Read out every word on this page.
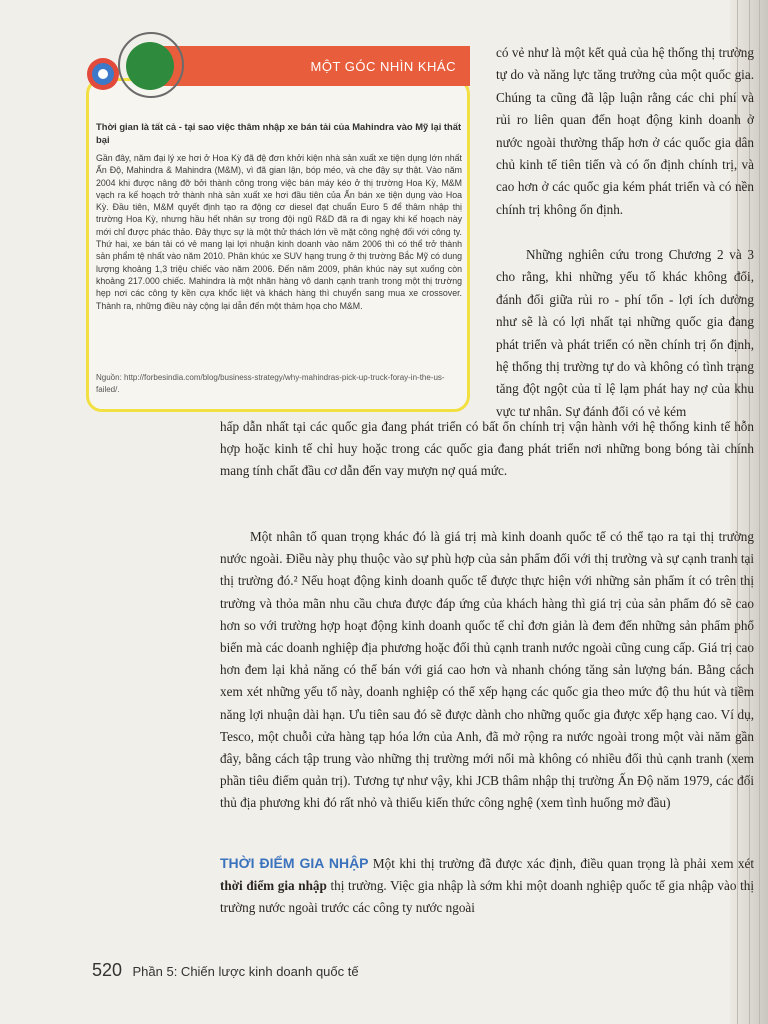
MỘT GÓC NHÌN KHÁC
Thời gian là tất cả - tại sao việc thâm nhập xe bán tải của Mahindra vào Mỹ lại thất bại
Gần đây, năm đại lý xe hơi ở Hoa Kỳ đã đệ đơn khởi kiện nhà sản xuất xe tiện dụng lớn nhất Ấn Độ, Mahindra & Mahindra (M&M), vì đã gian lận, bóp méo, và che đậy sự thật. Vào năm 2004 khi được nâng đỡ bởi thành công trong việc bán máy kéo ở thị trường Hoa Kỳ, M&M vạch ra kế hoạch trở thành nhà sản xuất xe hơi đầu tiên của Ấn bán xe tiện dụng vào Hoa Kỳ. Đầu tiên, M&M quyết định tạo ra động cơ diesel đạt chuẩn Euro 5 để thâm nhập thị trường Hoa Kỳ, nhưng hầu hết nhân sự trong đội ngũ R&D đã ra đi ngay khi kế hoạch này mới chỉ được phác thảo. Đây thực sự là một thử thách lớn về mặt công nghệ đối với công ty. Thứ hai, xe bán tải có vẻ mang lại lợi nhuận kinh doanh vào năm 2006 thì có thể trở thành sản phẩm tệ nhất vào năm 2010. Phân khúc xe SUV hạng trung ở thị trường Bắc Mỹ có dung lượng khoảng 1,3 triệu chiếc vào năm 2006. Đến năm 2009, phân khúc này sụt xuống còn khoảng 217.000 chiếc. Mahindra là một nhãn hàng vô danh cạnh tranh trong một thị trường hẹp nơi các công ty kền cựa khốc liệt và khách hàng thì chuyển sang mua xe crossover. Thành ra, những điều này cộng lại dẫn đến một thảm họa cho M&M.
Nguồn: http://forbesindia.com/blog/business-strategy/why-mahindras-pick-up-truck-foray-in-the-us-failed/.
có vẻ như là một kết quả của hệ thống thị trường tự do và năng lực tăng trưởng của một quốc gia. Chúng ta cũng đã lập luận rằng các chi phí và rủi ro liên quan đến hoạt động kinh doanh ở nước ngoài thường thấp hơn ở các quốc gia dân chủ kinh tế tiên tiến và có ổn định chính trị, và cao hơn ở các quốc gia kém phát triển và có nền chính trị không ổn định.
Những nghiên cứu trong Chương 2 và 3 cho rằng, khi những yếu tố khác không đổi, đánh đổi giữa rủi ro - phí tổn - lợi ích dường như sẽ là có lợi nhất tại những quốc gia đang phát triển và phát triển có nền chính trị ổn định, hệ thống thị trường tự do và không có tình trạng tăng đột ngột của tỉ lệ lạm phát hay nợ của khu vực tư nhân. Sự đánh đổi có vẻ kém
hấp dẫn nhất tại các quốc gia đang phát triển có bất ổn chính trị vận hành với hệ thống kinh tế hỗn hợp hoặc kinh tế chỉ huy hoặc trong các quốc gia đang phát triển nơi những bong bóng tài chính mang tính chất đầu cơ dẫn đến vay mượn nợ quá mức.
Một nhân tố quan trọng khác đó là giá trị mà kinh doanh quốc tế có thể tạo ra tại thị trường nước ngoài. Điều này phụ thuộc vào sự phù hợp của sản phẩm đối với thị trường và sự cạnh tranh tại thị trường đó.² Nếu hoạt động kinh doanh quốc tế được thực hiện với những sản phẩm ít có trên thị trường và thỏa mãn nhu cầu chưa được đáp ứng của khách hàng thì giá trị của sản phẩm đó sẽ cao hơn so với trường hợp hoạt động kinh doanh quốc tế chỉ đơn giản là đem đến những sản phẩm phổ biến mà các doanh nghiệp địa phương hoặc đối thủ cạnh tranh nước ngoài cũng cung cấp. Giá trị cao hơn đem lại khả năng có thể bán với giá cao hơn và nhanh chóng tăng sản lượng bán. Bằng cách xem xét những yếu tố này, doanh nghiệp có thể xếp hạng các quốc gia theo mức độ thu hút và tiềm năng lợi nhuận dài hạn. Ưu tiên sau đó sẽ được dành cho những quốc gia được xếp hạng cao. Ví dụ, Tesco, một chuỗi cửa hàng tạp hóa lớn của Anh, đã mở rộng ra nước ngoài trong một vài năm gần đây, bằng cách tập trung vào những thị trường mới nổi mà không có nhiều đối thủ cạnh tranh (xem phần tiêu điểm quản trị). Tương tự như vậy, khi JCB thâm nhập thị trường Ấn Độ năm 1979, các đối thủ địa phương khi đó rất nhỏ và thiếu kiến thức công nghệ (xem tình huống mở đầu)
THỜI ĐIỂM GIA NHẬP Một khi thị trường đã được xác định, điều quan trọng là phải xem xét thời điểm gia nhập thị trường. Việc gia nhập là sớm khi một doanh nghiệp quốc tế gia nhập vào thị trường nước ngoài trước các công ty nước ngoài
520 Phần 5: Chiến lược kinh doanh quốc tế
